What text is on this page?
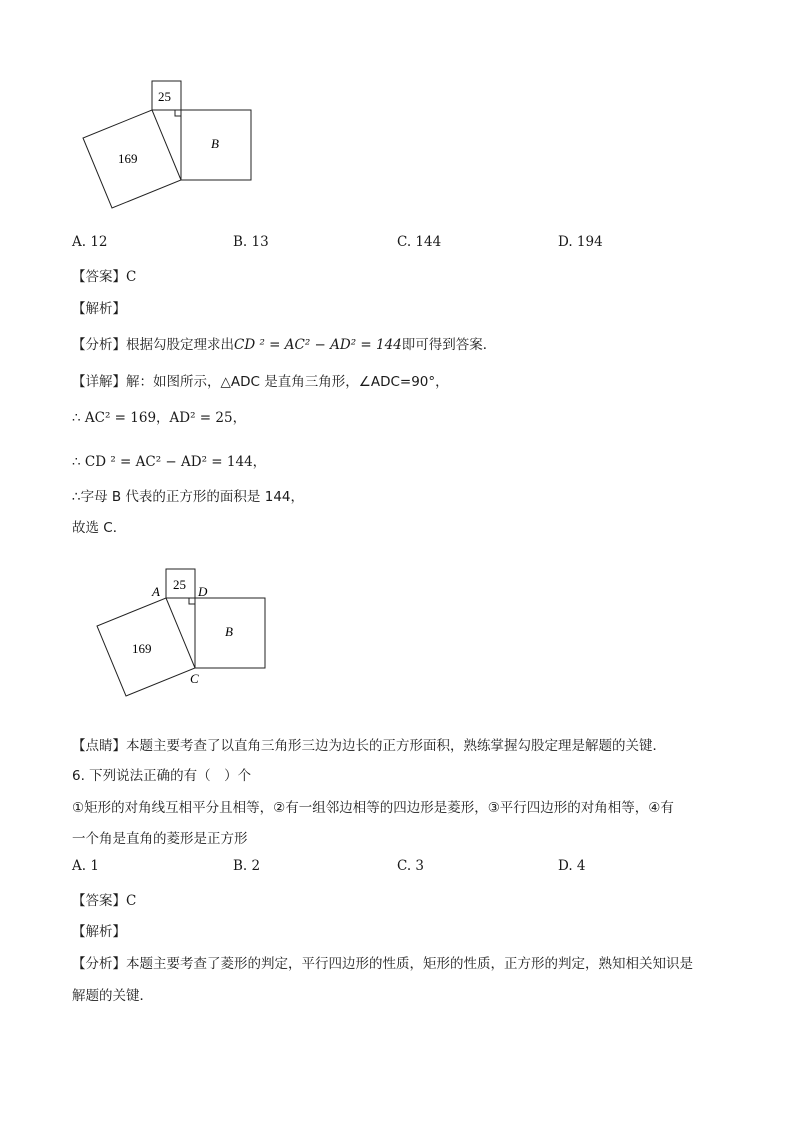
25
169
B
A. 12	B. 13	C. 144	D. 194
【答案】C
【解析】
【分析】根据勾股定理求出CD ² = AC² − AD² = 144即可得到答案．
【详解】解：如图所示，△ADC 是直角三角形，∠ADC=90°，
∴ AC² = 169，AD² = 25，
∴ CD ² = AC² − AD² = 144，
∴字母 B 代表的正方形的面积是 144，
故选 C．
25
169
B
A	D
C
【点睛】本题主要考查了以直角三角形三边为边长的正方形面积，熟练掌握勾股定理是解题的关键．
6. 下列说法正确的有（　）个
①矩形的对角线互相平分且相等，②有一组邻边相等的四边形是菱形，③平行四边形的对角相等，④有
一个角是直角的菱形是正方形
A. 1	B. 2	C. 3	D. 4
【答案】C
【解析】
【分析】本题主要考查了菱形的判定，平行四边形的性质，矩形的性质，正方形的判定，熟知相关知识是
解题的关键．
